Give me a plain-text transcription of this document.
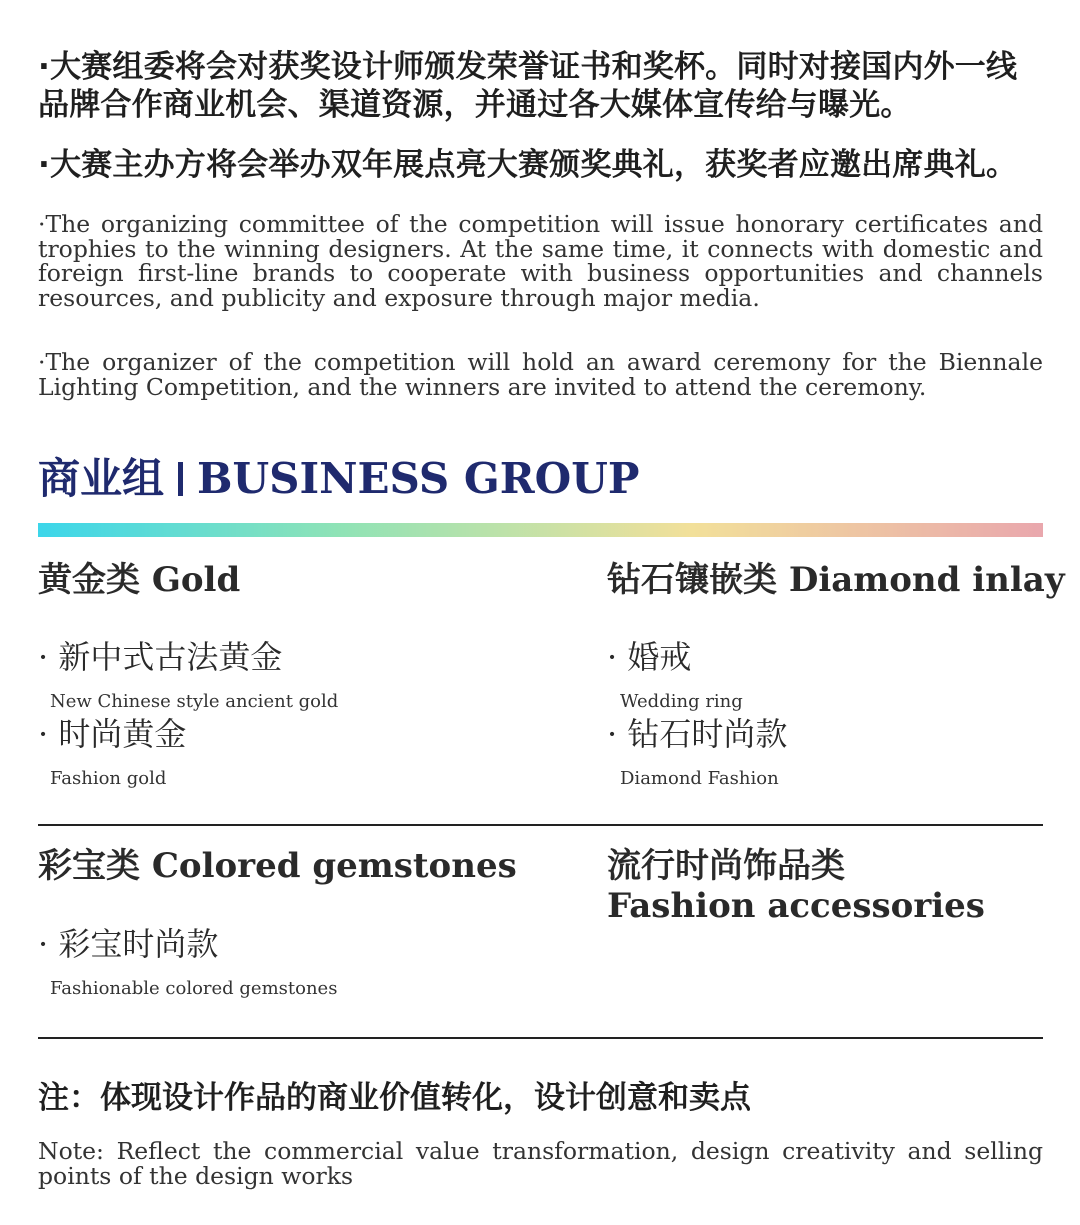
·大赛组委将会对获奖设计师颁发荣誉证书和奖杯。同时对接国内外一线品牌合作商业机会、渠道资源，并通过各大媒体宣传给与曝光。
·大赛主办方将会举办双年展点亮大赛颁奖典礼，获奖者应邀出席典礼。
·The organizing committee of the competition will issue honorary certificates and trophies to the winning designers. At the same time, it connects with domestic and foreign first-line brands to cooperate with business opportunities and channels resources, and publicity and exposure through major media.
·The organizer of the competition will hold an award ceremony for the Biennale Lighting Competition, and the winners are invited to attend the ceremony.
商业组 BUSINESS GROUP
黄金类 Gold
· 新中式古法黄金
New Chinese style ancient gold
· 时尚黄金
Fashion gold
钻石镶嵌类 Diamond inlay
· 婚戒
Wedding ring
· 钻石时尚款
Diamond Fashion
彩宝类 Colored gemstones
· 彩宝时尚款
Fashionable colored gemstones
流行时尚饰品类
Fashion accessories
注：体现设计作品的商业价值转化，设计创意和卖点
Note: Reflect the commercial value transformation, design creativity and selling points of the design works
